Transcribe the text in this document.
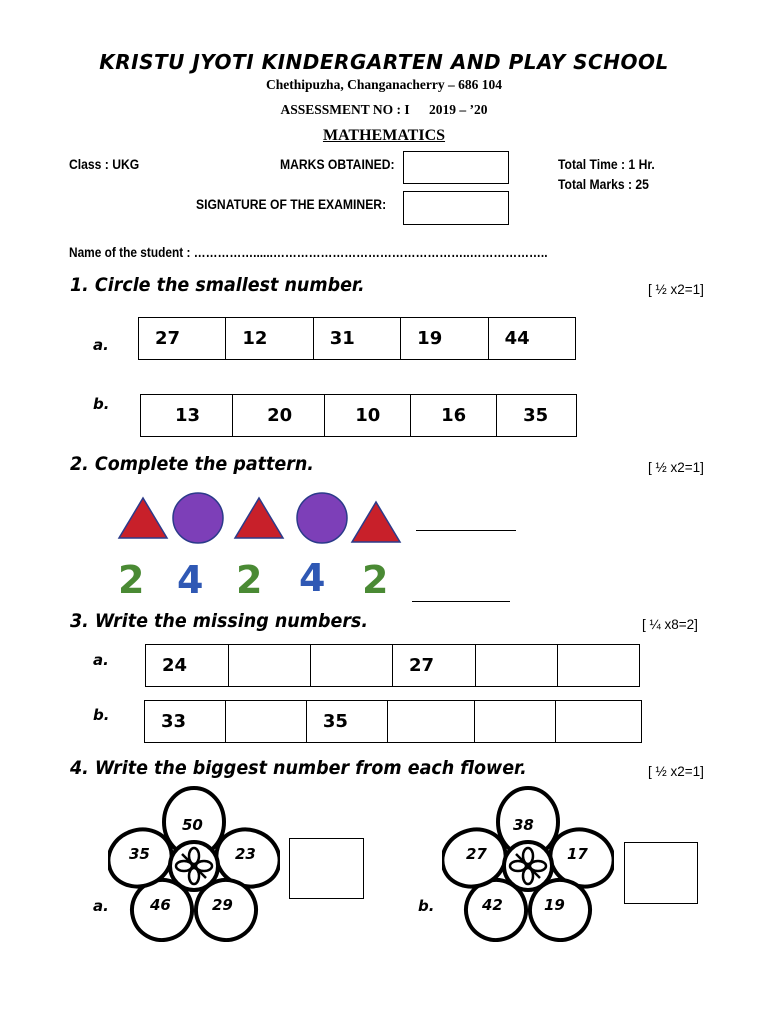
KRISTU JYOTI KINDERGARTEN AND PLAY SCHOOL
Chethipuzha, Changanacherry – 686 104
ASSESSMENT NO : I 2019 – ’20
MATHEMATICS
Class : UKG	MARKS OBTAINED:	Total Time : 1 Hr.
Total Marks : 25
SIGNATURE OF THE EXAMINER:
Name of the student : ……………......…………………………………………..………………..
1. Circle the smallest number.	[ ½ x2=1]
a.	27	12	31	19	44
b.
13	20	10	16	35
2. Complete the pattern.	[ ½ x2=1]
2 4 2 4 2
3. Write the missing numbers.	[ ¼ x8=2]
a.	24			27		
b.	33		35			
4. Write the biggest number from each flower.	[ ½ x2=1]
a.
50
23
29
46
35
b.
38
17
19
42
27
